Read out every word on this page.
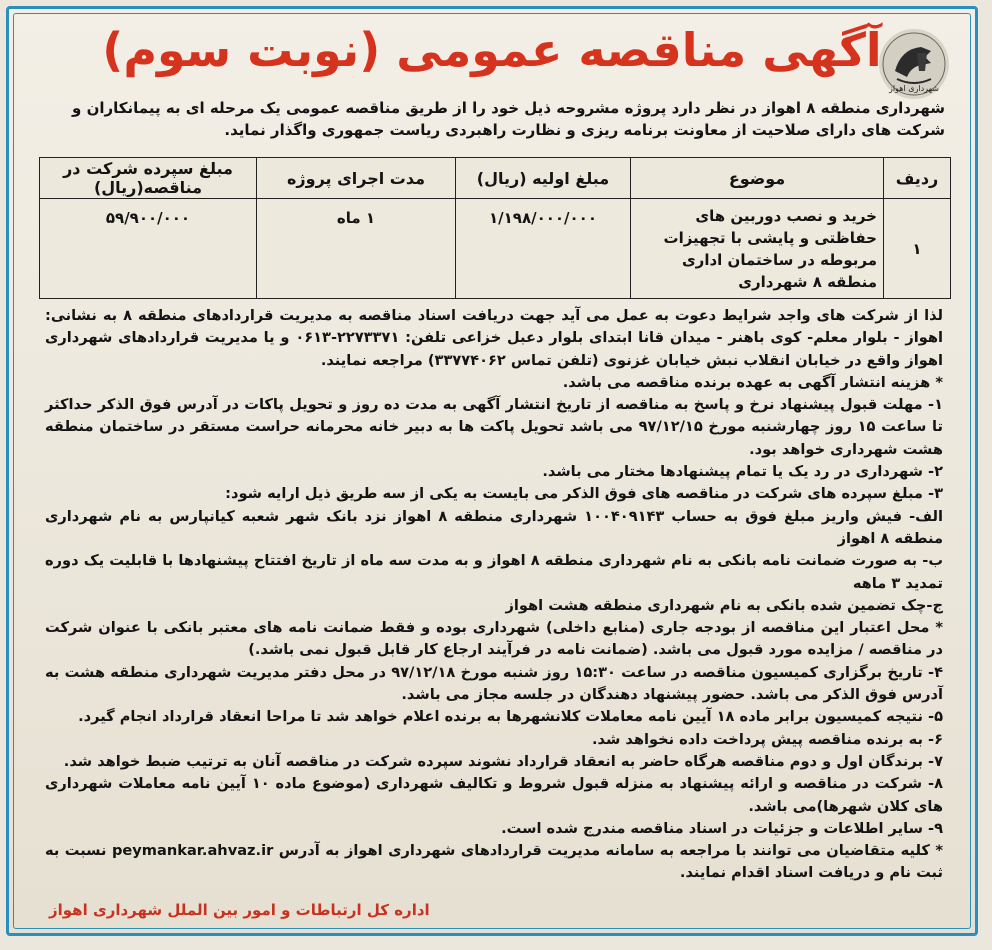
شهرداری اهواز
آگهی مناقصه عمومی (نوبت سوم)
شهرداری منطقه ۸ اهواز در نظر دارد پروژه مشروحه ذیل خود را از طریق مناقصه عمومی یک مرحله ای به پیمانکاران و شرکت های دارای صلاحیت از معاونت برنامه ریزی و نظارت راهبردی ریاست جمهوری واگذار نماید.
ردیف	موضوع	مبلغ اولیه (ریال)	مدت اجرای پروژه	مبلغ سپرده شرکت در مناقصه(ریال)
۱	خرید و نصب دوربین های حفاظتی و پایشی با تجهیزات مربوطه در ساختمان اداری منطقه ۸ شهرداری	۱/۱۹۸/۰۰۰/۰۰۰	۱ ماه	۵۹/۹۰۰/۰۰۰

لذا از شرکت های واجد شرایط دعوت به عمل می آید جهت دریافت اسناد مناقصه به مدیریت قراردادهای منطقه ۸ به نشانی: اهواز - بلوار معلم- کوی باهنر - میدان قانا ابتدای بلوار دعبل خزاعی تلفن: ۲۲۷۳۳۷۱-۰۶۱۳ و یا مدیریت قراردادهای شهرداری اهواز واقع در خیابان انقلاب نبش خیابان غزنوی (تلفن تماس ۳۳۷۷۴۰۶۲) مراجعه نمایند.

* هزینه انتشار آگهی به عهده برنده مناقصه می باشد.

۱- مهلت قبول پیشنهاد نرخ و پاسخ به مناقصه از تاریخ انتشار آگهی به مدت ده روز و تحویل پاکات در آدرس فوق الذکر حداکثر تا ساعت ۱۵ روز چهارشنبه مورخ ۹۷/۱۲/۱۵ می باشد تحویل پاکت ها به دبیر خانه محرمانه حراست مستقر در ساختمان منطقه هشت شهرداری خواهد بود.

۲- شهرداری در رد یک یا تمام پیشنهادها مختار می باشد.

۳- مبلغ سپرده های شرکت در مناقصه های فوق الذکر می بایست به یکی از سه طریق ذیل ارایه شود:

الف- فیش واریز مبلغ فوق به حساب ۱۰۰۴۰۹۱۴۳ شهرداری منطقه ۸ اهواز نزد بانک شهر شعبه کیانپارس به نام شهرداری منطقه ۸ اهواز

ب- به صورت ضمانت نامه بانکی به نام شهرداری منطقه ۸ اهواز و به مدت سه ماه از تاریخ افتتاح پیشنهادها با قابلیت یک دوره تمدید ۳ ماهه

ج-چک تضمین شده بانکی به نام شهرداری منطقه هشت اهواز

* محل اعتبار این مناقصه از بودجه جاری (منابع داخلی) شهرداری بوده و فقط ضمانت نامه های معتبر بانکی با عنوان شرکت در مناقصه / مزایده مورد قبول می باشد. (ضمانت نامه در فرآیند ارجاع کار قابل قبول نمی باشد.)

۴- تاریخ برگزاری کمیسیون مناقصه در ساعت ۱۵:۳۰ روز شنبه مورخ ۹۷/۱۲/۱۸ در محل دفتر مدیریت شهرداری منطقه هشت به آدرس فوق الذکر می باشد. حضور پیشنهاد دهندگان در جلسه مجاز می باشد.

۵- نتیجه کمیسیون برابر ماده ۱۸ آیین نامه معاملات کلانشهرها به برنده اعلام خواهد شد تا مراحا انعقاد قرارداد انجام گیرد.

۶- به برنده مناقصه پیش پرداخت داده نخواهد شد.

۷- برندگان اول و دوم مناقصه هرگاه حاضر به انعقاد قرارداد نشوند سپرده شرکت در مناقصه آنان به ترتیب ضبط خواهد شد.

۸- شرکت در مناقصه و ارائه پیشنهاد به منزله قبول شروط و تکالیف شهرداری (موضوع ماده ۱۰ آیین نامه معاملات شهرداری های کلان شهرها)می باشد.

۹- سایر اطلاعات و جزئیات در اسناد مناقصه مندرج شده است.

* کلیه متقاضیان می توانند با مراجعه به سامانه مدیریت قراردادهای شهرداری اهواز به آدرس peymankar.ahvaz.ir نسبت به ثبت نام و دریافت اسناد اقدام نمایند.

اداره کل ارتباطات و امور بین الملل شهرداری اهواز
